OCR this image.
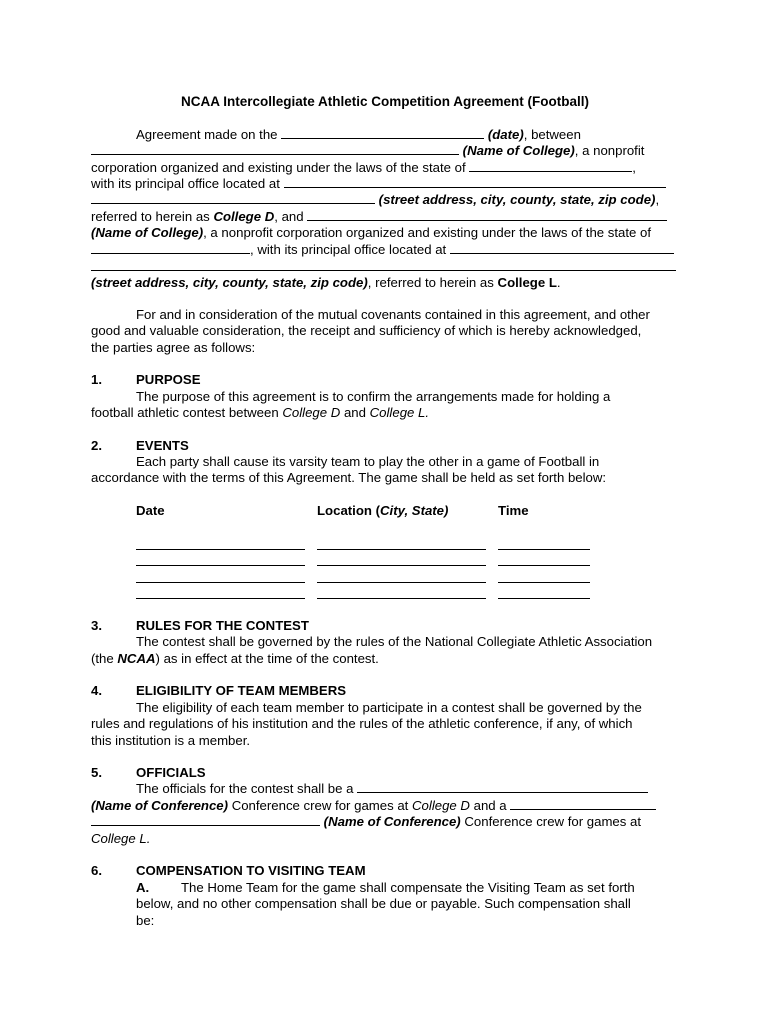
NCAA Intercollegiate Athletic Competition Agreement (Football)
Agreement made on the	(date), between
(Name of College), a nonprofit
corporation organized and existing under the laws of the state of	,
with its principal office located at
(street address, city, county, state, zip code),
referred to herein as College D, and
(Name of College), a nonprofit corporation organized and existing under the laws of the state of
, with its principal office located at
(street address, city, county, state, zip code), referred to herein as College L.
For and in consideration of the mutual covenants contained in this agreement, and other
good and valuable consideration, the receipt and sufficiency of which is hereby acknowledged,
the parties agree as follows:
1.	PURPOSE
The purpose of this agreement is to confirm the arrangements made for holding a
football athletic contest between College D and College L.
2.	EVENTS
Each party shall cause its varsity team to play the other in a game of Football in
accordance with the terms of this Agreement. The game shall be held as set forth below:
Date	Location (City, State)	Time
3.	RULES FOR THE CONTEST
The contest shall be governed by the rules of the National Collegiate Athletic Association
(the NCAA) as in effect at the time of the contest.
4.	ELIGIBILITY OF TEAM MEMBERS
The eligibility of each team member to participate in a contest shall be governed by the
rules and regulations of his institution and the rules of the athletic conference, if any, of which
this institution is a member.
5.	OFFICIALS
The officials for the contest shall be a
(Name of Conference) Conference crew for games at College D and a
(Name of Conference) Conference crew for games at
College L.
6.	COMPENSATION TO VISITING TEAM
A. The Home Team for the game shall compensate the Visiting Team as set forth
below, and no other compensation shall be due or payable. Such compensation shall
be:
